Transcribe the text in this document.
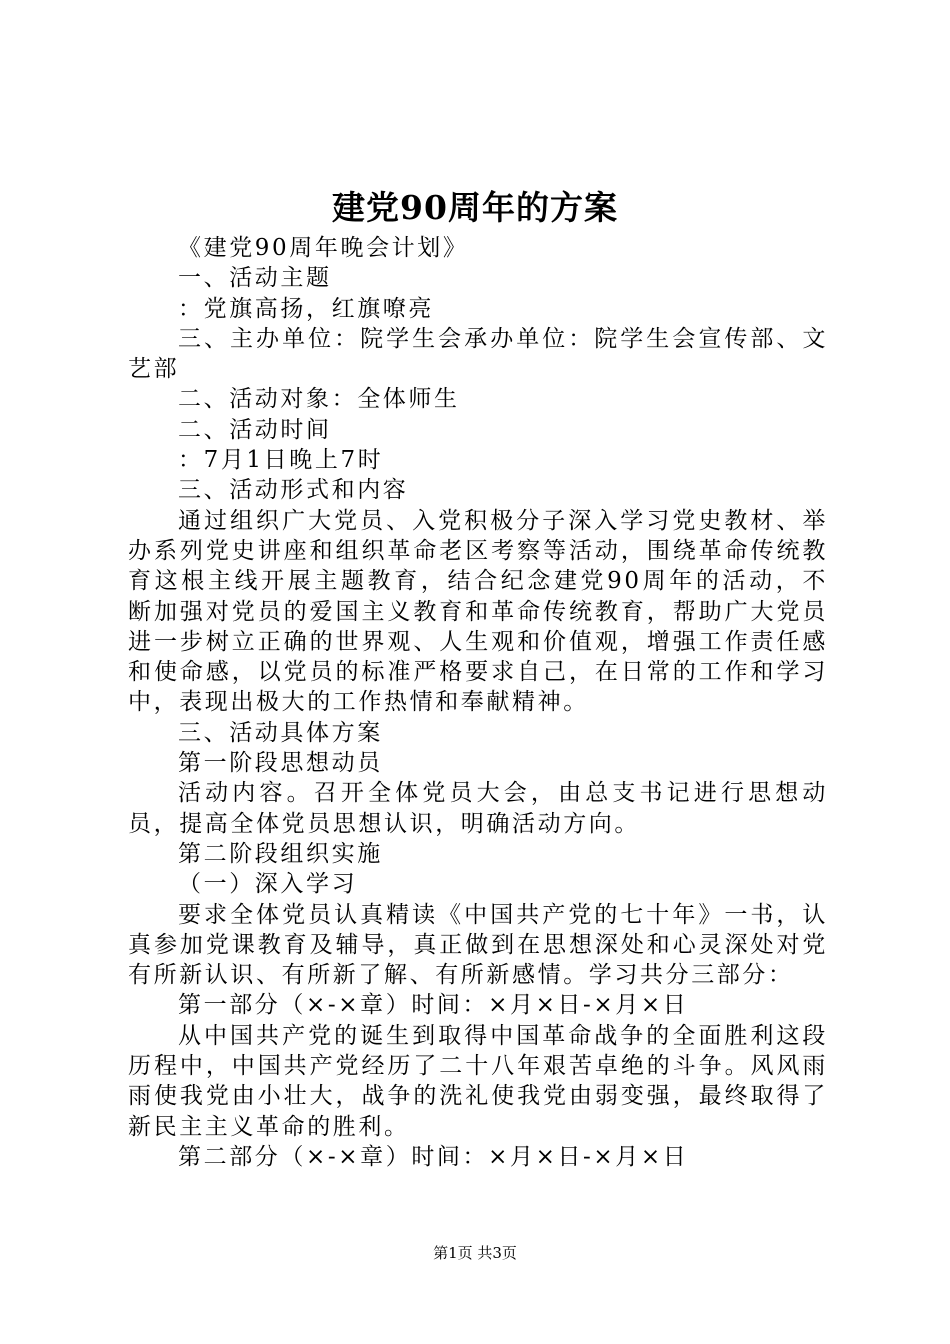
建党90周年的方案

《建党90周年晚会计划》

一、活动主题

：党旗高扬，红旗嘹亮

三、主办单位：院学生会承办单位：院学生会宣传部、文艺部

二、活动对象：全体师生

二、活动时间

：7月1日晚上7时

三、活动形式和内容

通过组织广大党员、入党积极分子深入学习党史教材、举办系列党史讲座和组织革命老区考察等活动，围绕革命传统教育这根主线开展主题教育，结合纪念建党90周年的活动，不断加强对党员的爱国主义教育和革命传统教育，帮助广大党员进一步树立正确的世界观、人生观和价值观，增强工作责任感和使命感，以党员的标准严格要求自己，在日常的工作和学习中，表现出极大的工作热情和奉献精神。

三、活动具体方案

第一阶段思想动员

活动内容。召开全体党员大会，由总支书记进行思想动员，提高全体党员思想认识，明确活动方向。

第二阶段组织实施

（一）深入学习

要求全体党员认真精读《中国共产党的七十年》一书，认真参加党课教育及辅导，真正做到在思想深处和心灵深处对党有所新认识、有所新了解、有所新感情。学习共分三部分：

第一部分（×-×章）时间：×月×日-×月×日

从中国共产党的诞生到取得中国革命战争的全面胜利这段历程中，中国共产党经历了二十八年艰苦卓绝的斗争。风风雨雨使我党由小壮大，战争的洗礼使我党由弱变强，最终取得了新民主主义革命的胜利。

第二部分（×-×章）时间：×月×日-×月×日

第1页 共3页
